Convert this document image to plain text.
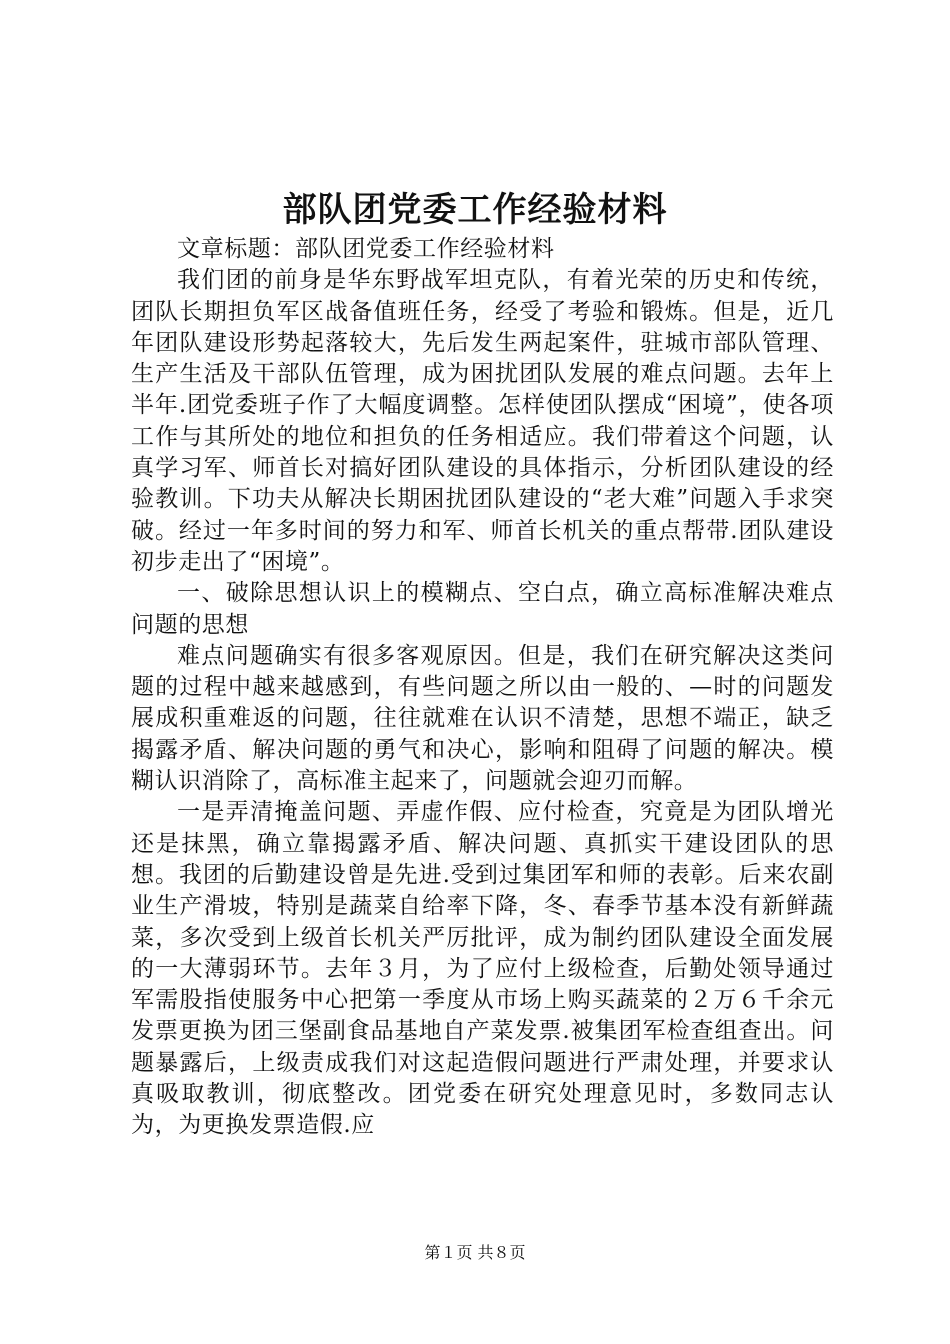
部队团党委工作经验材料

文章标题：部队团党委工作经验材料

我们团的前身是华东野战军坦克队，有着光荣的历史和传统，团队长期担负军区战备值班任务，经受了考验和锻炼。但是，近几年团队建设形势起落较大，先后发生两起案件，驻城市部队管理、生产生活及干部队伍管理，成为困扰团队发展的难点问题。去年上半年.团党委班子作了大幅度调整。怎样使团队摆成“困境”，使各项工作与其所处的地位和担负的任务相适应。我们带着这个问题，认真学习军、师首长对搞好团队建设的具体指示，分析团队建设的经验教训。下功夫从解决长期困扰团队建设的“老大难”问题入手求突破。经过一年多时间的努力和军、师首长机关的重点帮带.团队建设初步走出了“困境”。

一、破除思想认识上的模糊点、空白点，确立高标准解决难点问题的思想

难点问题确实有很多客观原因。但是，我们在研究解决这类问题的过程中越来越感到，有些问题之所以由一般的、—时的问题发展成积重难返的问题，往往就难在认识不清楚，思想不端正，缺乏揭露矛盾、解决问题的勇气和决心，影响和阻碍了问题的解决。模糊认识消除了，高标准主起来了，问题就会迎刃而解。

一是弄清掩盖问题、弄虚作假、应付检查，究竟是为团队增光还是抹黑，确立靠揭露矛盾、解决问题、真抓实干建设团队的思想。我团的后勤建设曾是先进.受到过集团军和师的表彰。后来农副业生产滑坡，特别是蔬菜自给率下降，冬、春季节基本没有新鲜蔬菜，多次受到上级首长机关严厉批评，成为制约团队建设全面发展的一大薄弱环节。去年３月，为了应付上级检查，后勤处领导通过军需股指使服务中心把第一季度从市场上购买蔬菜的２万６千余元发票更换为团三堡副食品基地自产菜发票.被集团军检查组查出。问题暴露后，上级责成我们对这起造假问题进行严肃处理，并要求认真吸取教训，彻底整改。团党委在研究处理意见时，多数同志认为，为更换发票造假.应

第１页 共８页
